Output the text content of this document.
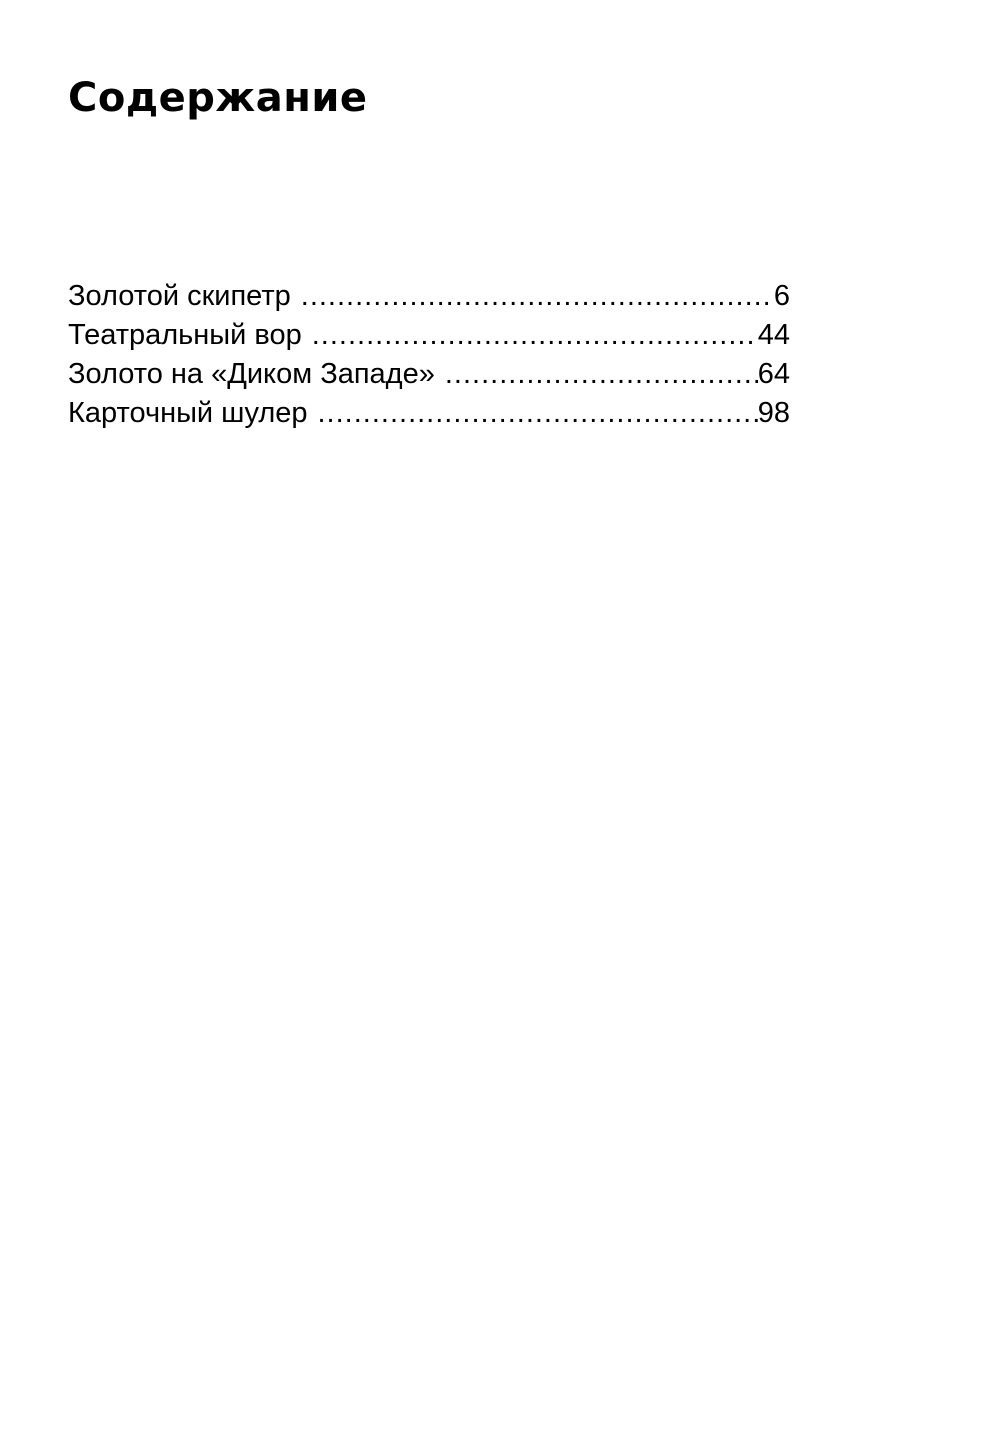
Содержание
Золотой скипетр .....	6
Театральный вор .....	44
Золото на «Диком Западе» .....	64
Карточный шулер .....	98
